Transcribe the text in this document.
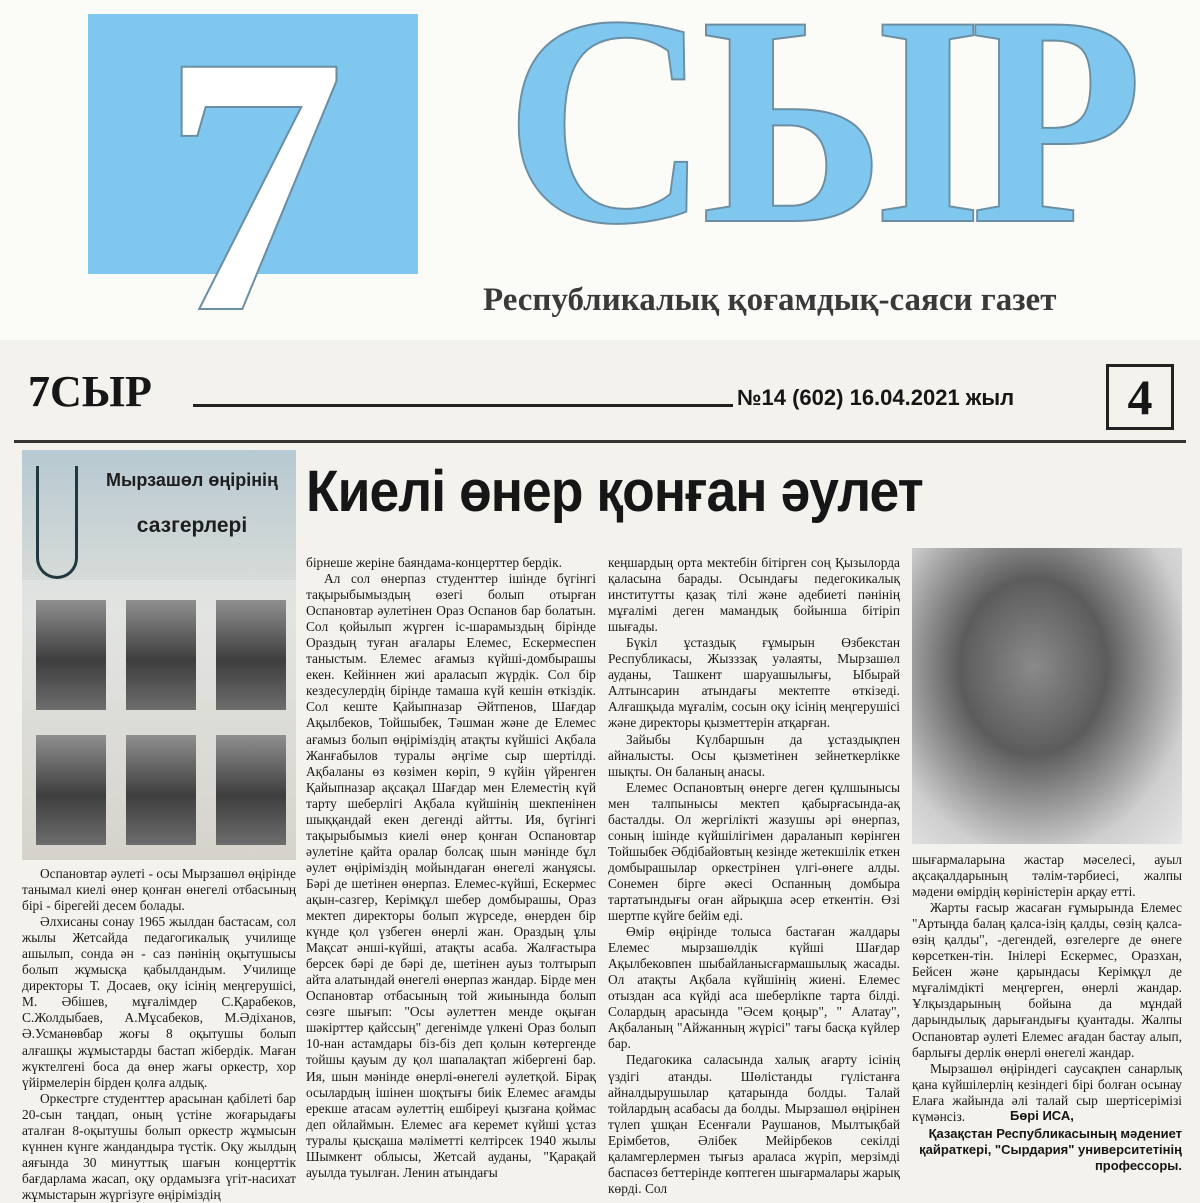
7 СЫР
Республикалық қоғамдық-саяси газет
7СЫР	№14 (602) 16.04.2021 жыл	4
Мырзашөл өңірінің
сазгерлері
Киелі өнер қонған әулет

Оспановтар әулеті - осы Мырзашөл өңірінде танымал киелі өнер қонған өнегелі отбасының бірі - бірегейі десем болады.

Әлхисаны сонау 1965 жылдан бастасам, сол жылы Жетсайда педагогикалық училище ашылып, сонда ән - саз пәнінің оқытушысы болып жұмысқа қабылдандым. Училище директоры Т. Досаев, оқу ісінің меңгерушісі, М. Әбішев, мұғалімдер С.Қарабеков, С.Жолдыбаев, А.Мұсабеков, М.Әдіханов, Ә.Усманөвбар жоғы 8 оқытушы болып алғашқы жұмыстарды бастап жібердік. Маған жүктелгені боса да өнер жағы оркестр, хор үйірмелерін бірден қолға алдық.

Оркестрге студенттер арасынан қабілеті бар 20-сын таңдап, оның үстіне жоғарыдағы аталған 8-оқытушы болып оркестр жұмысын күннен күнге жандандыра түстік. Оқу жылдың аяғында 30 минуттық шағын концерттік бағдарлама жасап, оқу ордамызға үгіт-насихат жұмыстарын жүргізуге өңіріміздің

бірнеше жеріне баяндама-концерттер бердік.

Ал сол өнерпаз студенттер ішінде бүгінгі тақырыбымыздың өзегі болып отырған Оспановтар әулетінен Ораз Оспанов бар болатын. Сол қойылып жүрген іс-шарамыздың бірінде Ораздың туған ағалары Елемес, Ескермеспен таныстым. Елемес ағамыз күйші-домбырашы екен. Кейіннен жиі араласып жүрдік. Сол бір кездесулердің бірінде тамаша күй кешін өткіздік. Сол кеште Қайыпназар Әйтпенов, Шағдар Ақылбеков, Тойшыбек, Тәшман және де Елемес ағамыз болып өңіріміздің атақты күйшісі Ақбала Жанғабылов туралы әңгіме сыр шертілді. Ақбаланы өз көзімен көріп, 9 күйін үйренген Қайыпназар ақсақал Шағдар мен Елеместің күй тарту шеберлігі Ақбала күйшінің шекпенінен шыққандай екен дегенді айтты. Ия, бүгінгі тақырыбымыз киелі өнер қонған Оспановтар әулетіне қайта оралар болсақ шын мәнінде бұл әулет өңіріміздің мойындаған өнегелі жанұясы. Бәрі де шетінен өнерпаз. Елемес-күйші, Ескермес ақын-сазгер, Керімқұл шебер домбырашы, Ораз мектеп директоры болып жүрседе, өнерден бір күнде қол үзбеген өнерлі жан. Ораздың ұлы Мақсат әнші-күйші, атақты асаба. Жалғастыра берсек бәрі де бәрі де, шетінен ауыз толтырып айта алатындай өнегелі өнерпаз жандар. Бірде мен Оспановтар отбасының той жиынында болып сөзге шығып: "Осы әулеттен менде оқыған шәкірттер қайссың" дегенімде үлкені Ораз болып 10-нан астамдары біз-біз деп қолын көтергенде тойшы қауым ду қол шапалақтап жібергені бар. Ия, шын мәнінде өнерлі-өнегелі әулетқой. Бірақ осылардың ішінен шоқтығы биік Елемес ағамды ерекше атасам әулеттің ешбіреуі қызғана қоймас деп ойлаймын. Елемес аға керемет күйші ұстаз туралы қысқаша мәліметті келтірсек 1940 жылы Шымкент облысы, Жетсай ауданы, "Қарақай ауылда туылған. Ленин атындағы

кеңшардың орта мектебін бітірген соң Қызылорда қаласына барады. Осындағы педегокикалық институтты қазақ тілі және әдебиеті пәнінің мұғалімі деген мамандық бойынша бітіріп шығады.

Бүкіл ұстаздық ғұмырын Өзбекстан Республикасы, Жызззақ уәлаяты, Мырзашөл ауданы, Ташкент шаруашылығы, Ыбырай Алтынсарин атындағы мектепте өткізеді. Алғашқыда мұғалім, сосын оқу ісінің меңгерушісі және директоры қызметтерін атқарған.

Зайыбы Күлбаршын да ұстаздықпен айналысты. Осы қызметінен зейнеткерлікке шықты. Он баланың анасы.

Елемес Оспановтың өнерге деген құлшынысы мен талпынысы мектеп қабырғасында-ақ басталды. Ол жергілікті жазушы әрі өнерпаз, соның ішінде күйшілігімен дараланып көрінген Тойшыбек Әбдібайовтың кезінде жетекшілік еткен домбырашылар оркестрінен үлгі-өнеге алды. Сонемен бірге әкесі Оспанның домбыра тартатындығы оған айрықша әсер еткентін. Өзі шертпе күйге бейім еді.

Өмір өңірінде толыса бастаған жалдары Елемес мырзашөлдік күйші Шағдар Ақылбековпен шыбайланысғармашылық жасады. Ол атақты Ақбала күйшінің жиені. Елемес отыздан аса күйді аса шеберлікпе тарта білді. Солардың арасында "Әсем қоңыр", " Алатау", Ақбаланың "Айжанның жүрісі" тағы басқа күйлер бар.

Педагокика саласында халық ағарту ісінің үздігі атанды. Шөлістанды гүлістанға айналдырушылар қатарында болды. Талай тойлардың асабасы да болды. Мырзашөл өңірінен түлеп ұшқан Есенғали Раушанов, Мылтықбай Ерімбетов, Әлібек Мейірбеков секілді қаламгерлермен тығыз араласа жүріп, мерзімді баспасөз беттерінде көптеген шығармалары жарық көрді. Сол

шығармаларына жастар мәселесі, ауыл ақсақалдарының тәлім-тәрбиесі, жалпы мәдени өмірдің көріністерін арқау етті.

Жарты ғасыр жасаған ғұмырында Елемес "Артыңда балаң қалса-ізің қалды, сөзің қалса-өзің қалды", -дегендей, өзгелерге де өнеге көрсеткен-тін. Інілері Ескермес, Оразхан, Бейсен және қарындасы Керімқұл де мұғалімдікті меңгерген, өнерлі жандар. Ұлқыздарының бойына да мұндай дарындылық дарығандығы қуантады. Жалпы Оспановтар әулеті Елемес ағадан бастау алып, барлығы дерлік өнерлі өнегелі жандар.

Мырзашөл өңіріндегі саусақпен санарлық қана күйшілерлің кезіндегі бірі болған осынау Елаға жайында әлі талай сыр шертісерімізі күмәнсіз.	Бөрі ИСА,
Қазақстан Республикасының мәдениет қайраткері, "Сырдария" университетінің профессоры.
